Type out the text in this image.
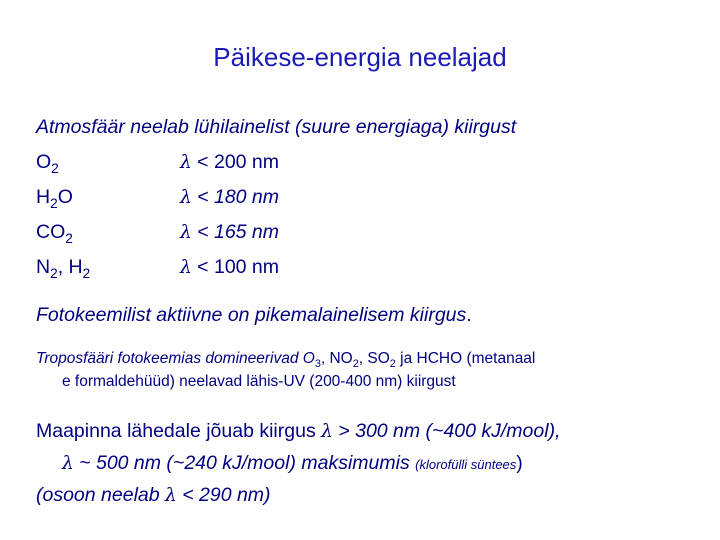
Päikese-energia neelajad
Atmosfäär neelab lühilainelist (suure energiaga) kiirgust
$O_2$	λ < 200 nm
$H_2O$	λ < 180 nm
$CO_2$	λ < 165 nm
$N_2$, $H_2$	λ < 100 nm
Fotokeemilist aktiivne on pikemalainelisem kiirgus.
Troposfääri fotokeemias domineerivad $O_3$, $NO_2$, $SO_2$ ja HCHO (metanaal
e formaldehüüd) neelavad lähis-UV (200-400 nm) kiirgust
Maapinna lähedale jõuab kiirgus λ > 300 nm (~400 kJ/mool),
λ ~ 500 nm (~240 kJ/mool) maksimumis (klorofülli süntees)
(osoon neelab λ < 290 nm)
